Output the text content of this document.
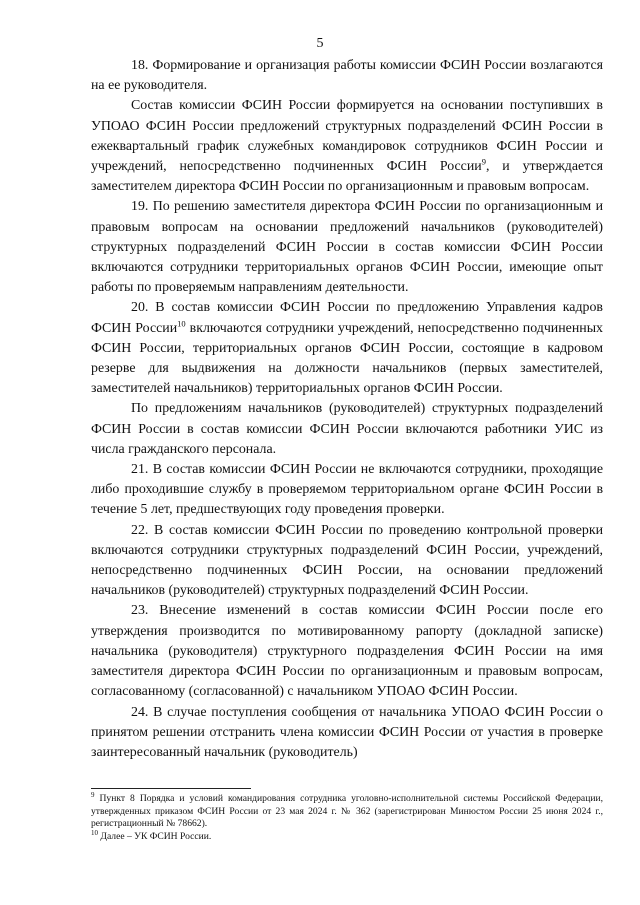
5

18. Формирование и организация работы комиссии ФСИН России возлагаются на ее руководителя.

Состав комиссии ФСИН России формируется на основании поступивших в УПОАО ФСИН России предложений структурных подразделений ФСИН России в ежеквартальный график служебных командировок сотрудников ФСИН России и учреждений, непосредственно подчиненных ФСИН России$^9$, и утверждается заместителем директора ФСИН России по организационным и правовым вопросам.

19. По решению заместителя директора ФСИН России по организационным и правовым вопросам на основании предложений начальников (руководителей) структурных подразделений ФСИН России в состав комиссии ФСИН России включаются сотрудники территориальных органов ФСИН России, имеющие опыт работы по проверяемым направлениям деятельности.

20. В состав комиссии ФСИН России по предложению Управления кадров ФСИН России$^{10}$ включаются сотрудники учреждений, непосредственно подчиненных ФСИН России, территориальных органов ФСИН России, состоящие в кадровом резерве для выдвижения на должности начальников (первых заместителей, заместителей начальников) территориальных органов ФСИН России.

По предложениям начальников (руководителей) структурных подразделений ФСИН России в состав комиссии ФСИН России включаются работники УИС из числа гражданского персонала.

21. В состав комиссии ФСИН России не включаются сотрудники, проходящие либо проходившие службу в проверяемом территориальном органе ФСИН России в течение 5 лет, предшествующих году проведения проверки.

22. В состав комиссии ФСИН России по проведению контрольной проверки включаются сотрудники структурных подразделений ФСИН России, учреждений, непосредственно подчиненных ФСИН России, на основании предложений начальников (руководителей) структурных подразделений ФСИН России.

23. Внесение изменений в состав комиссии ФСИН России после его утверждения производится по мотивированному рапорту (докладной записке) начальника (руководителя) структурного подразделения ФСИН России на имя заместителя директора ФСИН России по организационным и правовым вопросам, согласованному (согласованной) с начальником УПОАО ФСИН России.

24. В случае поступления сообщения от начальника УПОАО ФСИН России о принятом решении отстранить члена комиссии ФСИН России от участия в проверке заинтересованный начальник (руководитель)

$^9$ Пункт 8 Порядка и условий командирования сотрудника уголовно-исполнительной системы Российской Федерации, утвержденных приказом ФСИН России от 23 мая 2024 г. № 362 (зарегистрирован Минюстом России 25 июня 2024 г., регистрационный № 78662).

$^{10}$ Далее – УК ФСИН России.
